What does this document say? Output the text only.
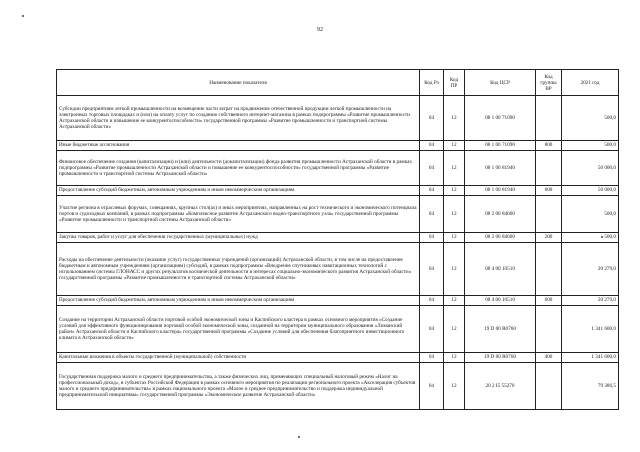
92
Наименование показателя	Код Рз	Код ПР	Код ЦСР	Код группы ВР	2021 год
Субсидии предприятиям легкой промышленности на возмещение части затрат на продвижение отечественной продукции легкой промышленности на электронных торговых площадках и (или) на оплату услуг по созданию собственного интернет-магазина в рамках подпрограммы «Развитие промышленности Астраханской области и повышение ее конкурентоспособности» государственной программы «Развитие промышленности и транспортной системы Астраханской области»	04	12	08 1 00 71090		500,0
Иные бюджетные ассигнования	04	12	08 1 00 71090	800	500,0
Финансовое обеспечение создания (капитализации) и (или) деятельности (докапитализации) фонда развития промышленности Астраханской области в рамках подпрограммы «Развитие промышленности Астраханской области и повышение ее конкурентоспособности» государственной программы «Развитие промышленности и транспортной системы Астраханской области»	04	12	08 1 00 81940		50 000,0
Предоставление субсидий бюджетным, автономным учреждениям и иным некоммерческим организациям	04	12	08 1 00 81940	600	50 000,0
Участие региона в отраслевых форумах, совещаниях, крупных стол(ах) и иных мероприятиях, направленных на рост технического и экономического потенциала портов и судоходных компаний, в рамках подпрограммы «Комплексное развитие Астраханского водно-транспортного узла» государственной программы «Развитие промышленности и транспортной системы Астраханской области»	04	12	08 2 00 84600		500,0
Закупка товаров, работ и услуг для обеспечения государственных (муниципальных) нужд	04	12	08 2 00 84600	200	500,0
Расходы на обеспечение деятельности (оказание услуг) государственных учреждений (организаций) Астраханской области, в том числе на предоставление бюджетным и автономным учреждениям (организациям) субсидий, в рамках подпрограммы «Внедрение спутниковых навигационных технологий с использованием системы ГЛОНАСС и других результатов космической деятельности в интересах социально-экономического развития Астраханской области» государственной программы «Развитие промышленности и транспортной системы Астраханской области»	04	12	08 4 00 10510		20 279,0
Предоставление субсидий бюджетным, автономным учреждениям и иным некоммерческим организациям	04	12	08 4 00 10510	600	20 279,0
Создание на территории Астраханской области портовой особой экономической зоны и Каспийского кластера в рамках основного мероприятия «Создание условий для эффективного функционирования портовой особой экономической зоны, созданной на территории муниципального образования «Лиманский район» Астраханской области и Каспийского кластера» государственной программы «Создание условий для обеспечения благоприятного инвестиционного климата в Астраханской области»	04	12	19 D 00 R0760		1 341 600,0
Капитальные вложения в объекты государственной (муниципальной) собственности	04	12	19 D 00 R0760	400	1 341 600,0
Государственная поддержка малого и среднего предпринимательства, а также физических лиц, применяющих специальный налоговый режим «Налог на профессиональный доход», в субъектах Российской Федерации в рамках основного мероприятия по реализации регионального проекта «Акселерация субъектов малого и среднего предпринимательства» в рамках национального проекта «Малое и среднее предпринимательство и поддержка индивидуальной предпринимательской инициативы» государственной программы «Экономическое развитие Астраханской области»	04	12	20 2 I5 55270		79 386,5
